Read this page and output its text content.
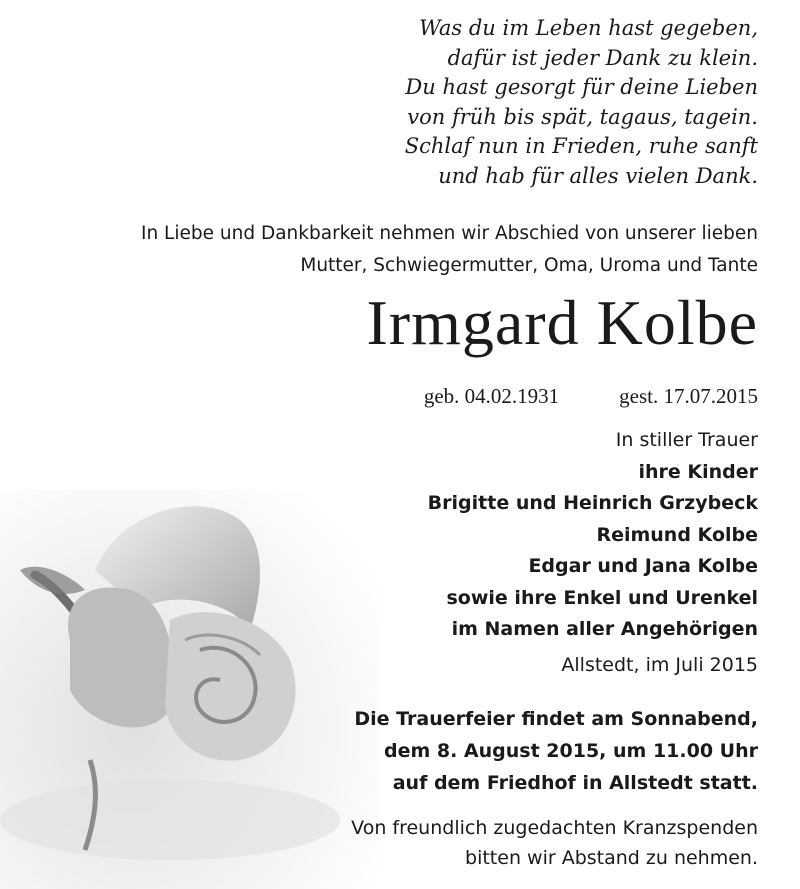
Was du im Leben hast gegeben,
dafür ist jeder Dank zu klein.
Du hast gesorgt für deine Lieben
von früh bis spät, tagaus, tagein.
Schlaf nun in Frieden, ruhe sanft
und hab für alles vielen Dank.
In Liebe und Dankbarkeit nehmen wir Abschied von unserer lieben
Mutter, Schwiegermutter, Oma, Uroma und Tante
Irmgard Kolbe
geb. 04.02.1931	gest. 17.07.2015
In stiller Trauer
ihre Kinder
Brigitte und Heinrich Grzybeck
Reimund Kolbe
Edgar und Jana Kolbe
sowie ihre Enkel und Urenkel
im Namen aller Angehörigen
Allstedt, im Juli 2015
Die Trauerfeier findet am Sonnabend,
dem 8. August 2015, um 11.00 Uhr
auf dem Friedhof in Allstedt statt.
Von freundlich zugedachten Kranzspenden
bitten wir Abstand zu nehmen.
